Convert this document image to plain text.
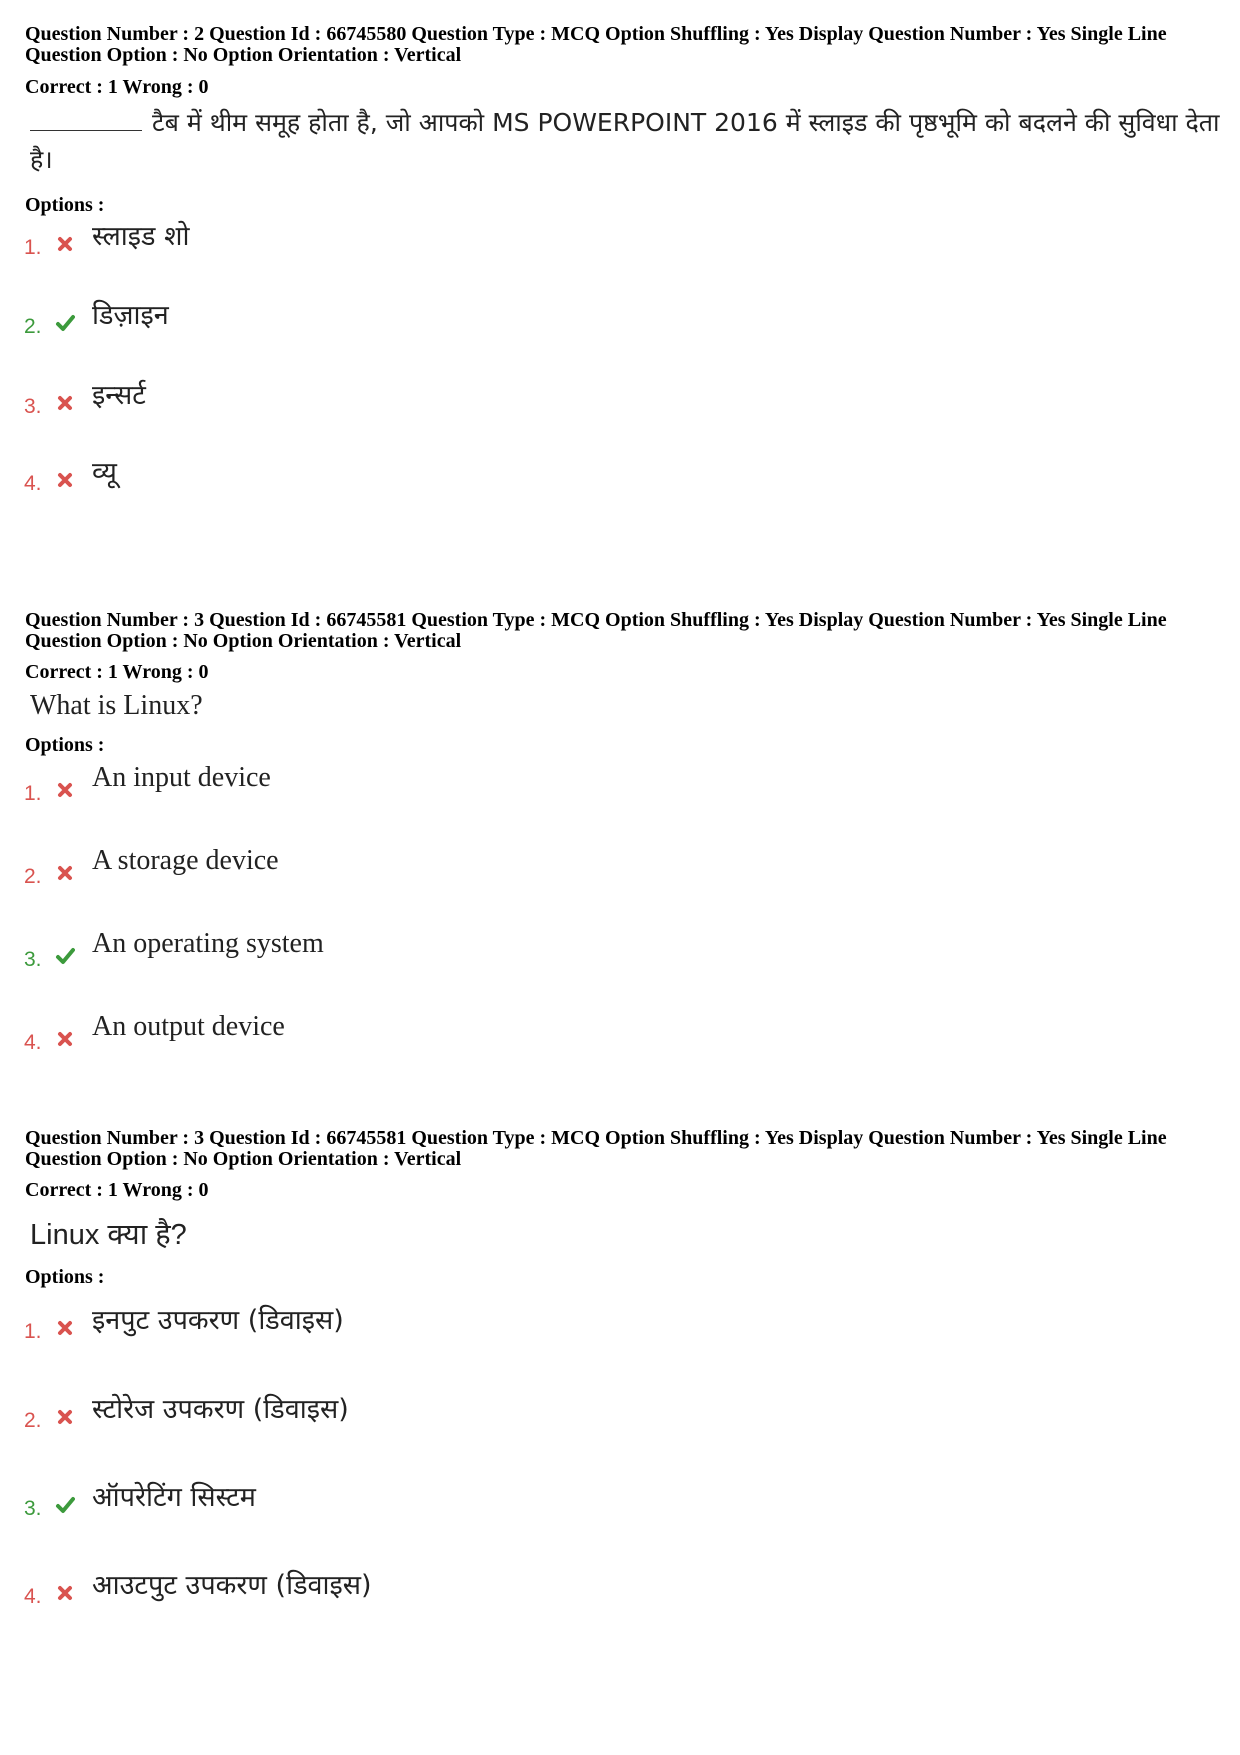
Question Number : 2 Question Id : 66745580 Question Type : MCQ Option Shuffling : Yes Display Question Number : Yes Single Line Question Option : No Option Orientation : Vertical
Correct : 1 Wrong : 0
टैब में थीम समूह होता है, जो आपको MS POWERPOINT 2016 में स्लाइड की पृष्ठभूमि को बदलने की सुविधा देता है।
Options :
1. स्लाइड शो
2. डिज़ाइन
3. इन्सर्ट
4. व्यू
Question Number : 3 Question Id : 66745581 Question Type : MCQ Option Shuffling : Yes Display Question Number : Yes Single Line Question Option : No Option Orientation : Vertical
Correct : 1 Wrong : 0
What is Linux?
Options :
1.
An input device
2.
A storage device
3.
An operating system
4.
An output device
Question Number : 3 Question Id : 66745581 Question Type : MCQ Option Shuffling : Yes Display Question Number : Yes Single Line Question Option : No Option Orientation : Vertical
Correct : 1 Wrong : 0
Linux क्या है?
Options :
1. इनपुट उपकरण (डिवाइस)
2. स्टोरेज उपकरण (डिवाइस)
3. ऑपरेटिंग सिस्टम
4. आउटपुट उपकरण (डिवाइस)
